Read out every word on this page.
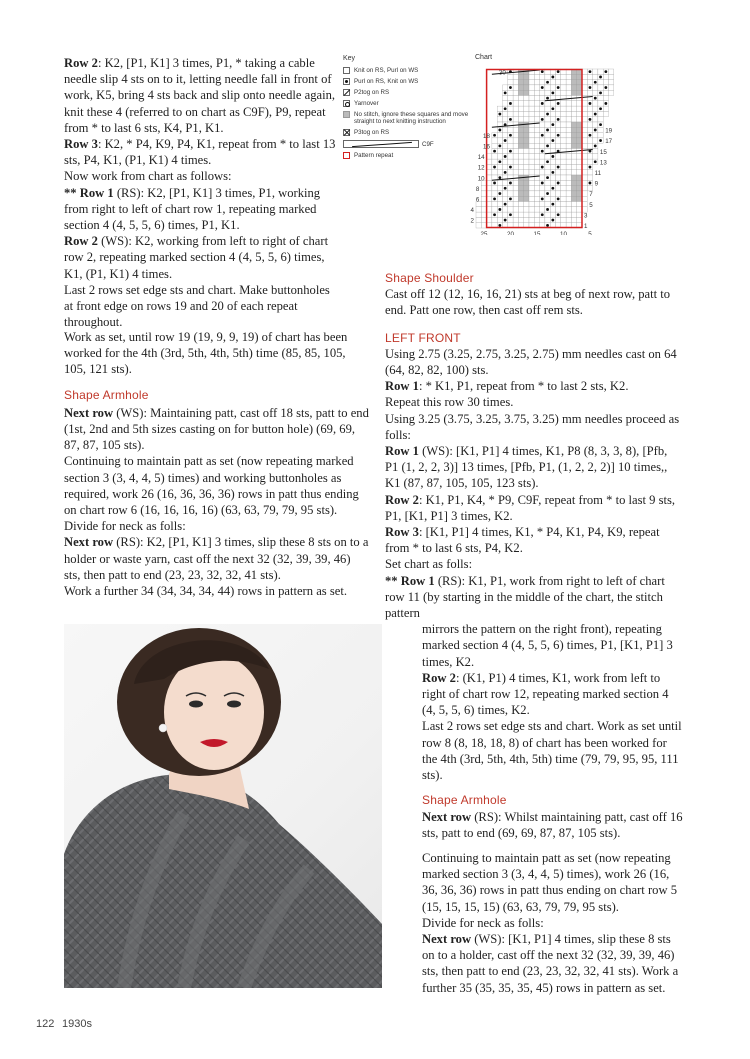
Row 2: K2, [P1, K1] 3 times, P1, * taking a cable needle slip 4 sts on to it, letting needle fall in front of work, K5, bring 4 sts back and slip onto needle again, knit these 4 (referred to on chart as C9F), P9, repeat from * to last 6 sts, K4, P1, K1.

Row 3: K2, * P4, K9, P4, K1, repeat from * to last 13 sts, P4, K1, (P1, K1) 4 times.

Now work from chart as follows:

** Row 1 (RS): K2, [P1, K1] 3 times, P1, working from right to left of chart row 1, repeating marked section 4 (4, 5, 5, 6) times, P1, K1.

Row 2 (WS): K2, working from left to right of chart row 2, repeating marked section 4 (4, 5, 5, 6) times, K1, (P1, K1) 4 times.

Last 2 rows set edge sts and chart. Make buttonholes at front edge on rows 19 and 20 of each repeat throughout.

Work as set, until row 19 (19, 9, 9, 19) of chart has been worked for the 4th (3rd, 5th, 4th, 5th) time (85, 85, 105, 105, 121 sts).

Shape Armhole

Next row (WS): Maintaining patt, cast off 18 sts, patt to end (1st, 2nd and 5th sizes casting on for button hole) (69, 69, 87, 87, 105 sts).

Continuing to maintain patt as set (now repeating marked section 3 (3, 4, 4, 5) times) and working buttonholes as required, work 26 (16, 36, 36, 36) rows in patt thus ending on chart row 6 (16, 16, 16, 16) (63, 63, 79, 79, 95 sts).

Divide for neck as folls:

Next row (RS): K2, [P1, K1] 3 times, slip these 8 sts on to a holder or waste yarn, cast off the next 32 (32, 39, 39, 46) sts, then patt to end (23, 23, 32, 32, 41 sts).

Work a further 34 (34, 34, 34, 44) rows in pattern as set.

Key
Knit on RS, Purl on WS
Purl on RS, Knit on WS
P2tog on RS
Yarnover
No stitch, ignore these squares and move straight to next knitting instruction
P3tog on RS
C9F
Pattern repeat
Chart
30
18
16
14
12
10
8
6
4
2
19
17
15
13
11
9
7
5
3
1
25	20	15	10	5

Shape Shoulder

Cast off 12 (12, 16, 16, 21) sts at beg of next row, patt to end. Patt one row, then cast off rem sts.

LEFT FRONT

Using 2.75 (3.25, 2.75, 3.25, 2.75) mm needles cast on 64 (64, 82, 82, 100) sts.

Row 1: * K1, P1, repeat from * to last 2 sts, K2.

Repeat this row 30 times.

Using 3.25 (3.75, 3.25, 3.75, 3.25) mm needles proceed as folls:

Row 1 (WS): [K1, P1] 4 times, K1, P8 (8, 3, 3, 8), [Pfb, P1 (1, 2, 2, 3)] 13 times, [Pfb, P1, (1, 2, 2, 2)] 10 times,, K1 (87, 87, 105, 105, 123 sts).

Row 2: K1, P1, K4, * P9, C9F, repeat from * to last 9 sts, P1, [K1, P1] 3 times, K2.

Row 3: [K1, P1] 4 times, K1, * P4, K1, P4, K9, repeat from * to last 6 sts, P4, K2.

Set chart as folls:

** Row 1 (RS): K1, P1, work from right to left of chart row 11 (by starting in the middle of the chart, the stitch pattern

mirrors the pattern on the right front), repeating marked section 4 (4, 5, 5, 6) times, P1, [K1, P1] 3 times, K2.

Row 2: (K1, P1) 4 times, K1, work from left to right of chart row 12, repeating marked section 4 (4, 5, 5, 6) times, K2.

Last 2 rows set edge sts and chart. Work as set until row 8 (8, 18, 18, 8) of chart has been worked for the 4th (3rd, 5th, 4th, 5th) time (79, 79, 95, 95, 111 sts).

Shape Armhole

Next row (RS): Whilst maintaining patt, cast off 16 sts, patt to end (69, 69, 87, 87, 105 sts).

Continuing to maintain patt as set (now repeating marked section 3 (3, 4, 4, 5) times), work 26 (16, 36, 36, 36) rows in patt thus ending on chart row 5 (15, 15, 15, 15) (63, 63, 79, 79, 95 sts).

Divide for neck as folls:

Next row (WS): [K1, P1] 4 times, slip these 8 sts on to a holder, cast off the next 32 (32, 39, 39, 46) sts, then patt to end (23, 23, 32, 32, 41 sts). Work a further 35 (35, 35, 35, 45) rows in pattern as set.

122 1930s
